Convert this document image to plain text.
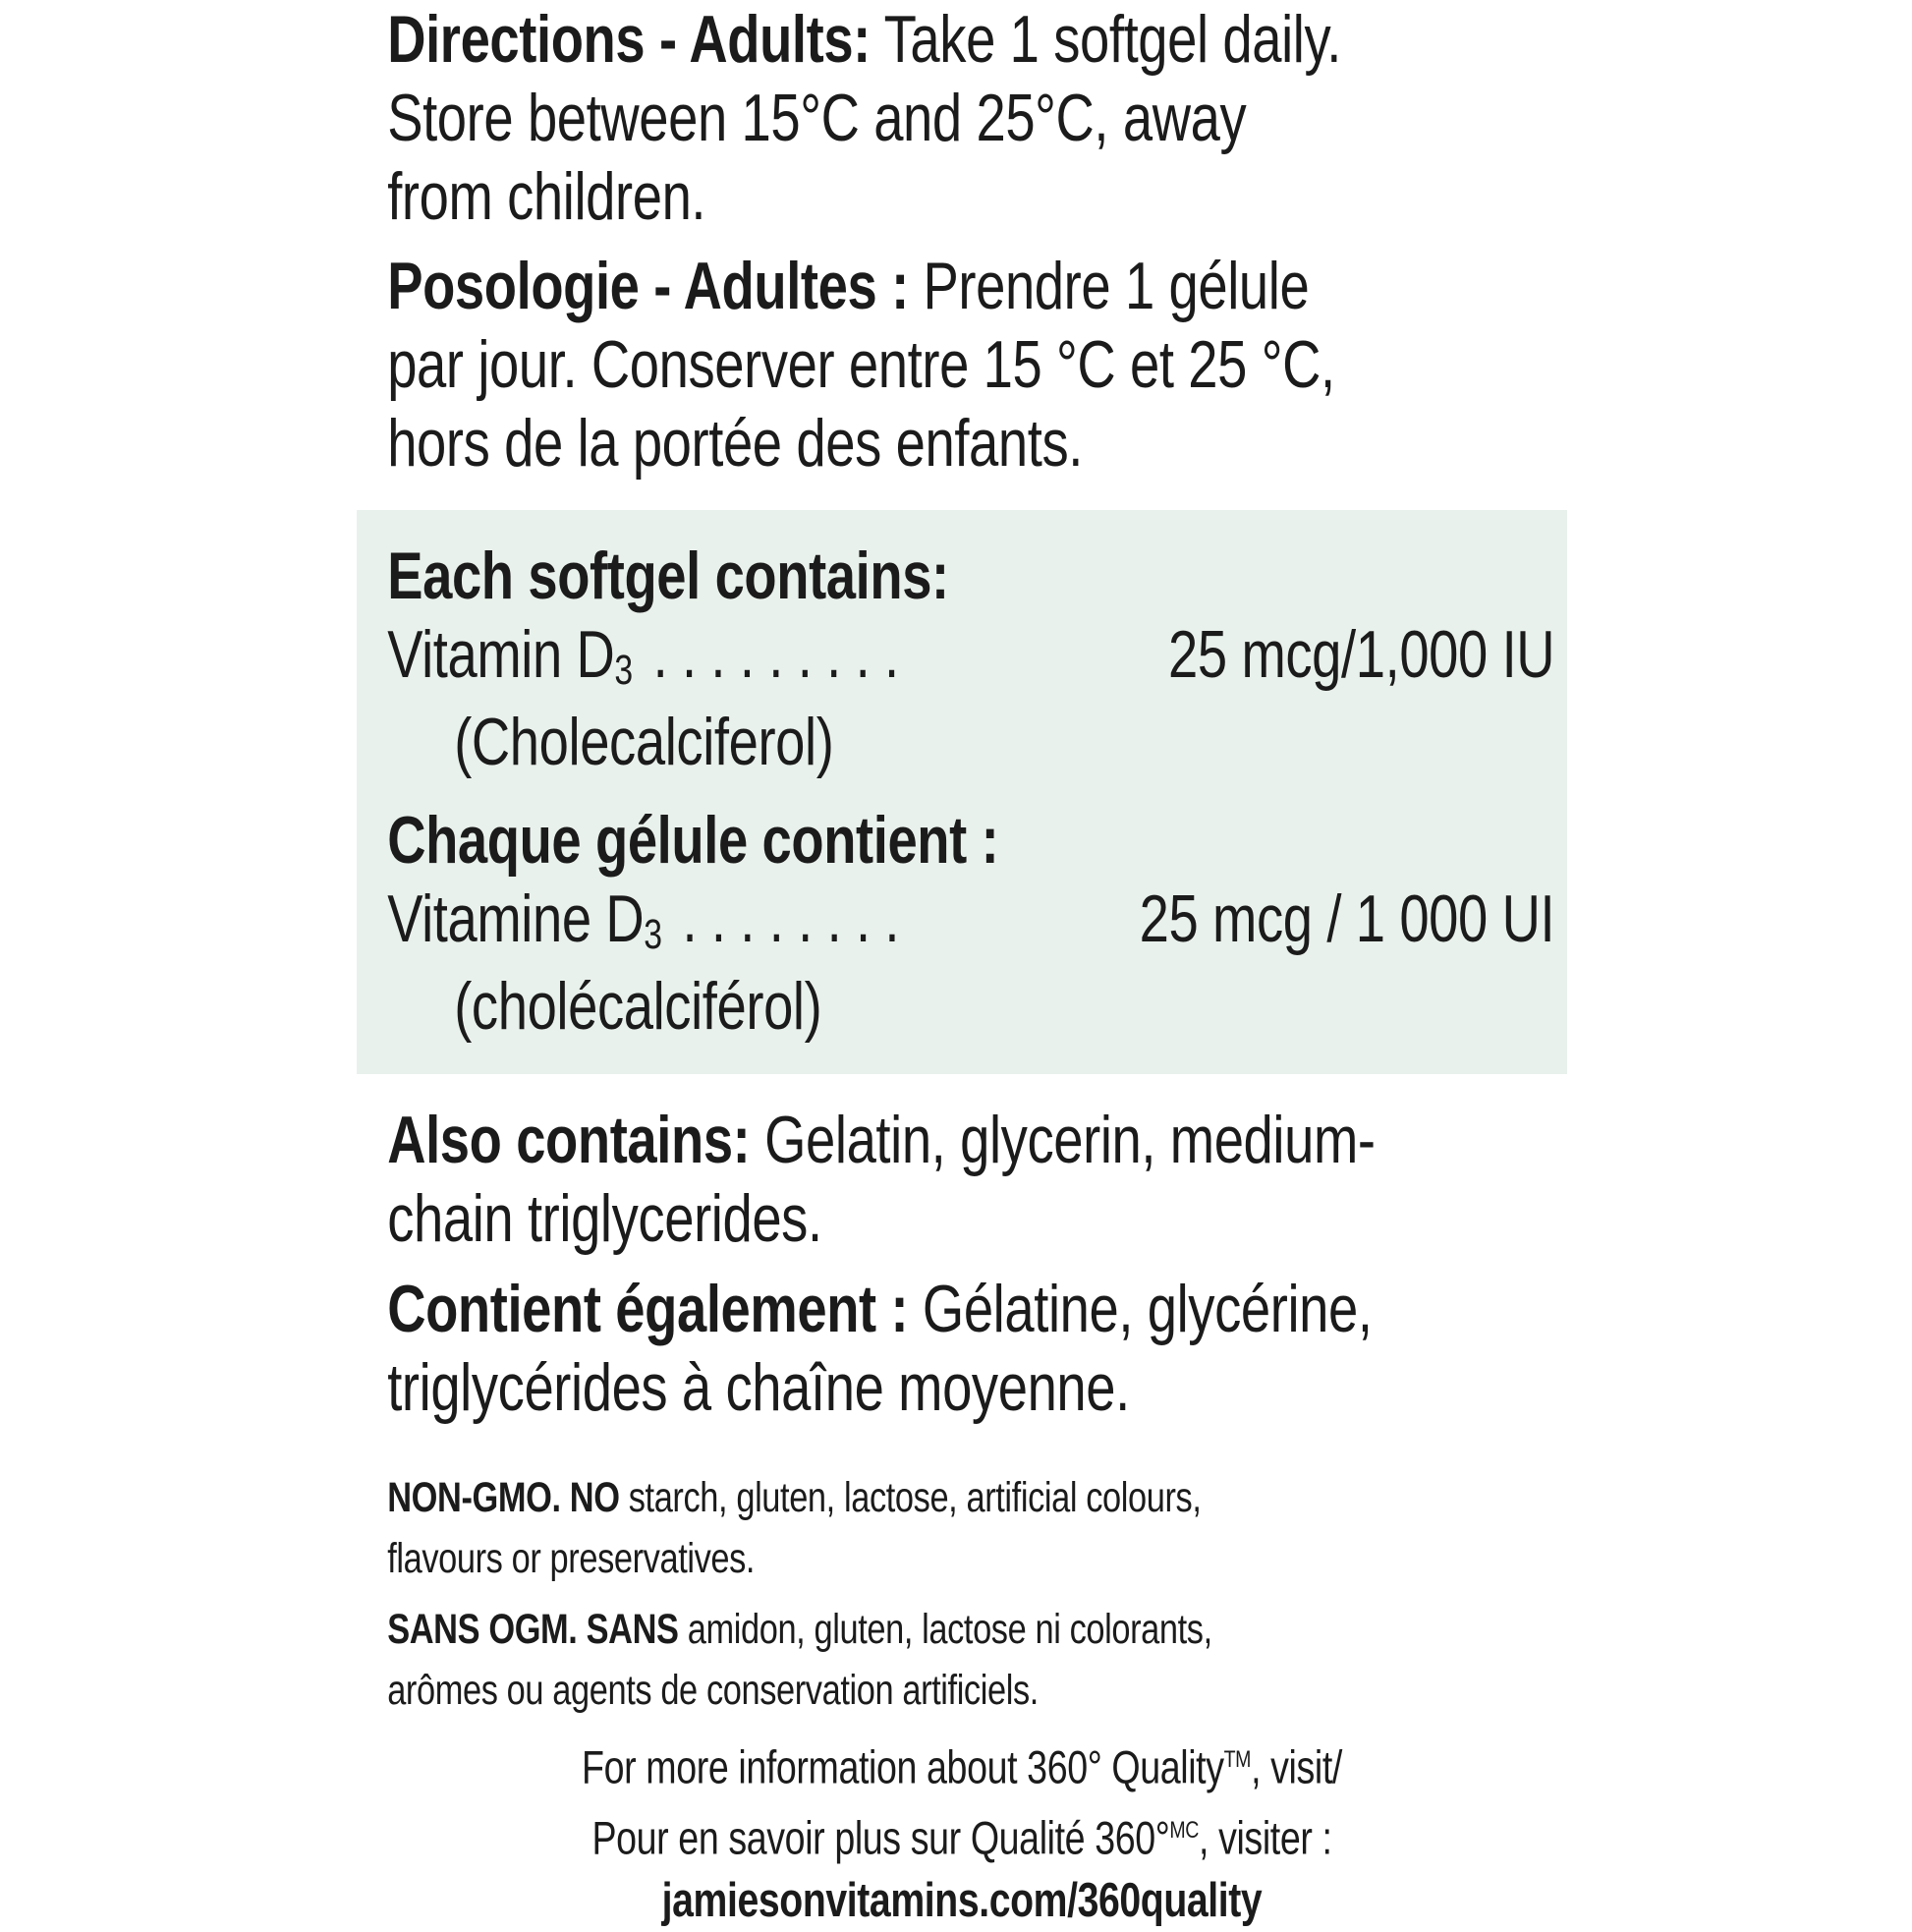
Directions - Adults: Take 1 softgel daily.
Store between 15°C and 25°C, away
from children.
Posologie - Adultes : Prendre 1 gélule
par jour. Conserver entre 15 °C et 25 °C,
hors de la portée des enfants.
Each softgel contains:
Vitamin D3 . . . . . . . . .	25 mcg/1,000 IU
(Cholecalciferol)
Chaque gélule contient :
Vitamine D3 . . . . . . . .	25 mcg / 1 000 UI
(cholécalciférol)
Also contains: Gelatin, glycerin, medium-
chain triglycerides.
Contient également : Gélatine, glycérine,
triglycérides à chaîne moyenne.
NON-GMO. NO starch, gluten, lactose, artificial colours,
flavours or preservatives.
SANS OGM. SANS amidon, gluten, lactose ni colorants,
arômes ou agents de conservation artificiels.
For more information about 360° Quality™, visit/
Pour en savoir plus sur Qualité 360°$^{MC}$, visiter :
jamiesonvitamins.com/360quality
